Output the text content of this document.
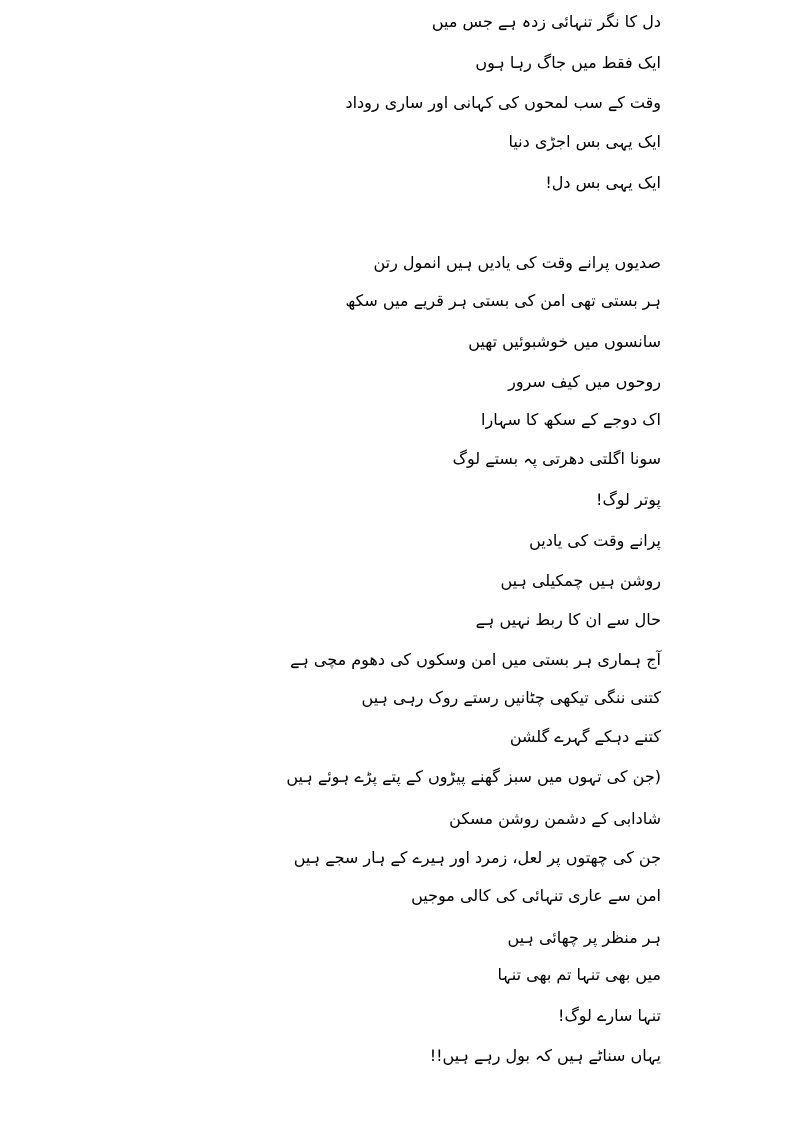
دل کا نگر تنہائی زدہ ہے جس میں
ایک فقط میں جاگ رہا ہوں
وقت کے سب لمحوں کی کہانی اور ساری روداد
ایک یہی بس اجڑی دنیا
ایک یہی بس دل!
صدیوں پرانے وقت کی یادیں ہیں انمول رتن
ہر بستی تھی امن کی بستی ہر قریے میں سکھ
سانسوں میں خوشبوئیں تھیں
روحوں میں کیف سرور
اک دوجے کے سکھ کا سہارا
سونا اگلتی دھرتی پہ بستے لوگ
پوتر لوگ!
پرانے وقت کی یادیں
روشن ہیں چمکیلی ہیں
حال سے ان کا ربط نہیں ہے
آج ہماری ہر بستی میں امن وسکوں کی دھوم مچی ہے
کتنی ننگی تیکھی چٹانیں رستے روک رہی ہیں
کتنے دہکے گہرے گلشن
(جن کی تہوں میں سبز گھنے پیڑوں کے پتے پڑے ہوئے ہیں
شادابی کے دشمن روشن مسکن
جن کی چھتوں پر لعل، زمرد اور ہیرے کے ہار سجے ہیں
امن سے عاری تنہائی کی کالی موجیں
ہر منظر پر چھائی ہیں
میں بھی تنہا تم بھی تنہا
تنہا سارے لوگ!
یہاں سناٹے ہیں کہ بول رہے ہیں!!
